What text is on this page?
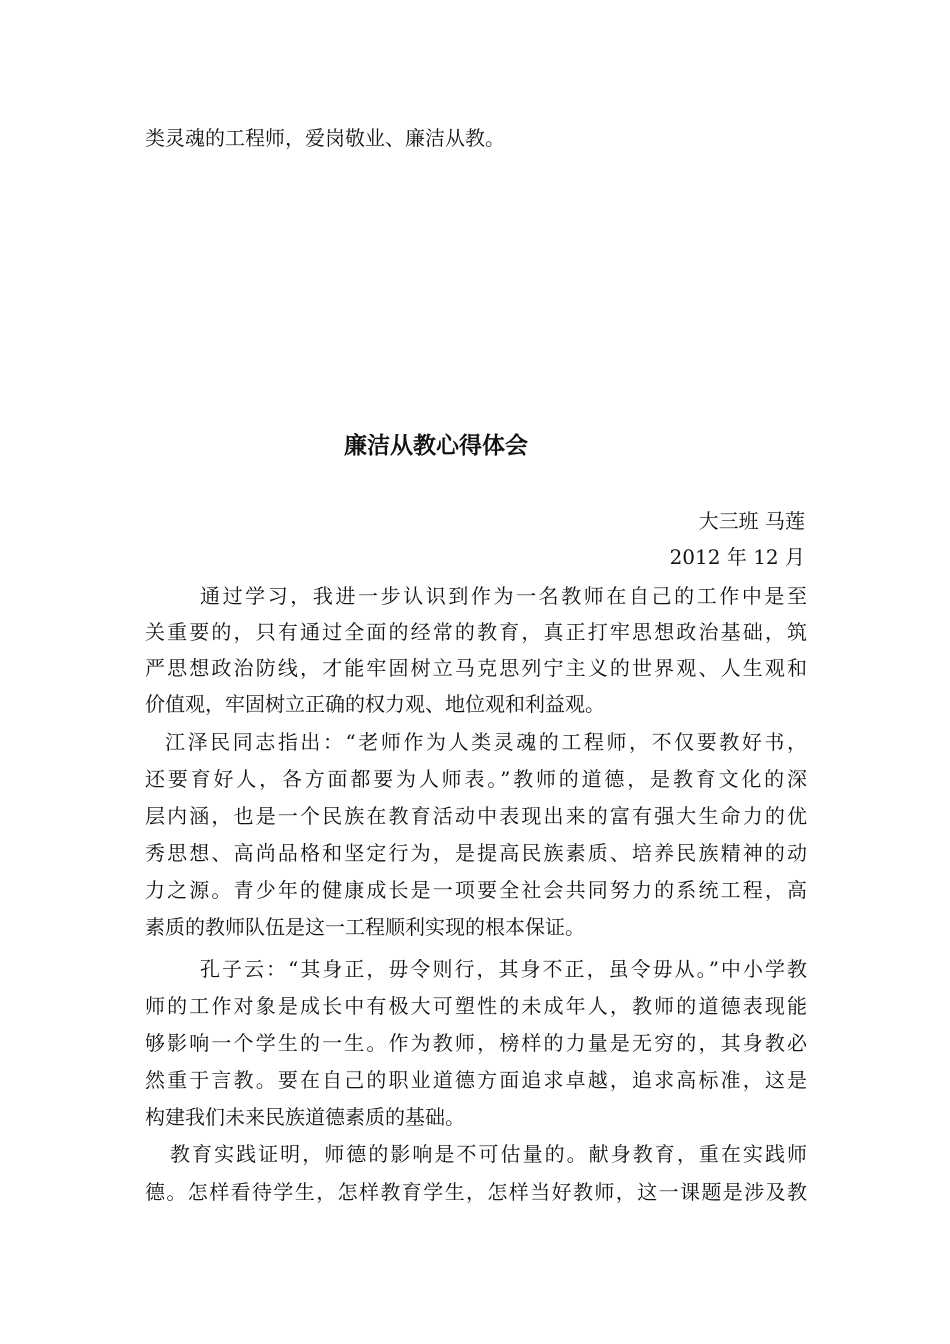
类灵魂的工程师，爱岗敬业、廉洁从教。
廉洁从教心得体会
大三班 马莲
2012 年 12 月
通过学习，我进一步认识到作为一名教师在自己的工作中是至
关重要的，只有通过全面的经常的教育，真正打牢思想政治基础，筑
严思想政治防线，才能牢固树立马克思列宁主义的世界观、人生观和
价值观，牢固树立正确的权力观、地位观和利益观。
江泽民同志指出：“老师作为人类灵魂的工程师，不仅要教好书，
还要育好人，各方面都要为人师表。”教师的道德，是教育文化的深
层内涵，也是一个民族在教育活动中表现出来的富有强大生命力的优
秀思想、高尚品格和坚定行为，是提高民族素质、培养民族精神的动
力之源。青少年的健康成长是一项要全社会共同努力的系统工程，高
素质的教师队伍是这一工程顺利实现的根本保证。
孔子云：“其身正，毋令则行，其身不正，虽令毋从。”中小学教
师的工作对象是成长中有极大可塑性的未成年人，教师的道德表现能
够影响一个学生的一生。作为教师，榜样的力量是无穷的，其身教必
然重于言教。要在自己的职业道德方面追求卓越，追求高标准，这是
构建我们未来民族道德素质的基础。
教育实践证明，师德的影响是不可估量的。献身教育，重在实践师
德。怎样看待学生，怎样教育学生，怎样当好教师，这一课题是涉及教
